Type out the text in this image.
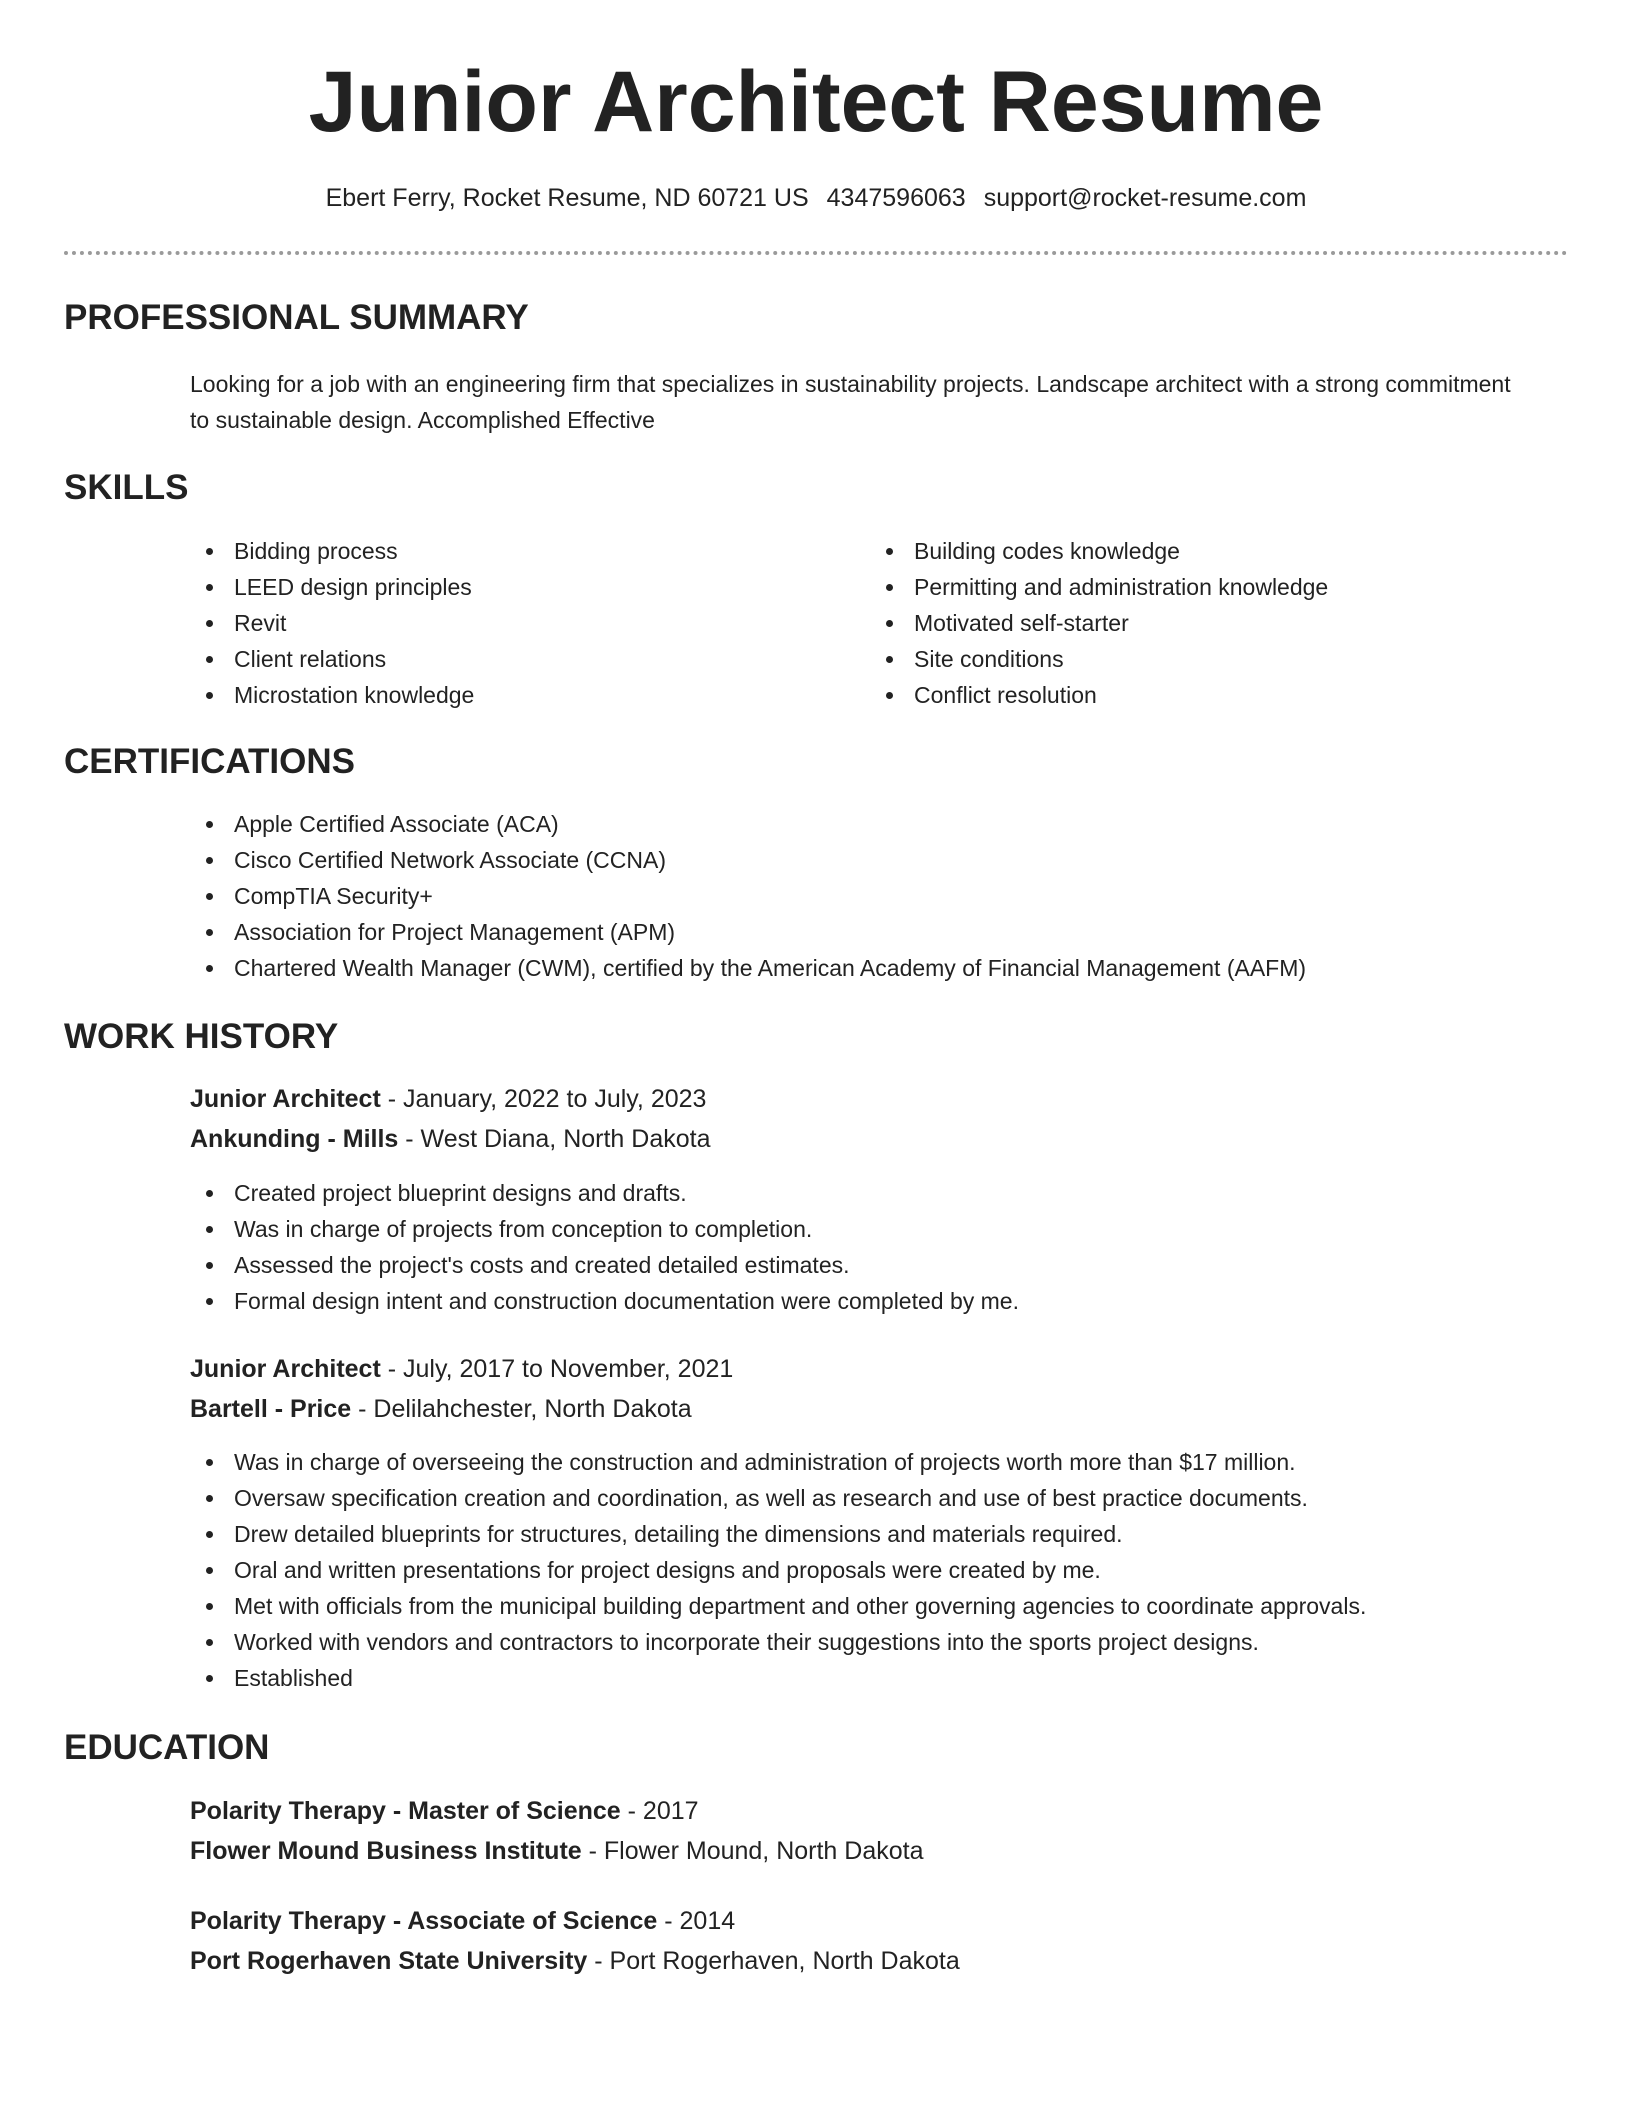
Junior Architect Resume
Ebert Ferry, Rocket Resume, ND 60721 US 4347596063 support@rocket-resume.com
PROFESSIONAL SUMMARY
Looking for a job with an engineering firm that specializes in sustainability projects. Landscape architect with a strong commitment to sustainable design. Accomplished Effective
SKILLS
Bidding process
LEED design principles
Revit
Client relations
Microstation knowledge
Building codes knowledge
Permitting and administration knowledge
Motivated self-starter
Site conditions
Conflict resolution
CERTIFICATIONS
Apple Certified Associate (ACA)
Cisco Certified Network Associate (CCNA)
CompTIA Security+
Association for Project Management (APM)
Chartered Wealth Manager (CWM), certified by the American Academy of Financial Management (AAFM)
WORK HISTORY
Junior Architect - January, 2022 to July, 2023
Ankunding - Mills - West Diana, North Dakota
Created project blueprint designs and drafts.
Was in charge of projects from conception to completion.
Assessed the project's costs and created detailed estimates.
Formal design intent and construction documentation were completed by me.
Junior Architect - July, 2017 to November, 2021
Bartell - Price - Delilahchester, North Dakota
Was in charge of overseeing the construction and administration of projects worth more than $17 million.
Oversaw specification creation and coordination, as well as research and use of best practice documents.
Drew detailed blueprints for structures, detailing the dimensions and materials required.
Oral and written presentations for project designs and proposals were created by me.
Met with officials from the municipal building department and other governing agencies to coordinate approvals.
Worked with vendors and contractors to incorporate their suggestions into the sports project designs.
Established
EDUCATION
Polarity Therapy - Master of Science - 2017
Flower Mound Business Institute - Flower Mound, North Dakota
Polarity Therapy - Associate of Science - 2014
Port Rogerhaven State University - Port Rogerhaven, North Dakota
